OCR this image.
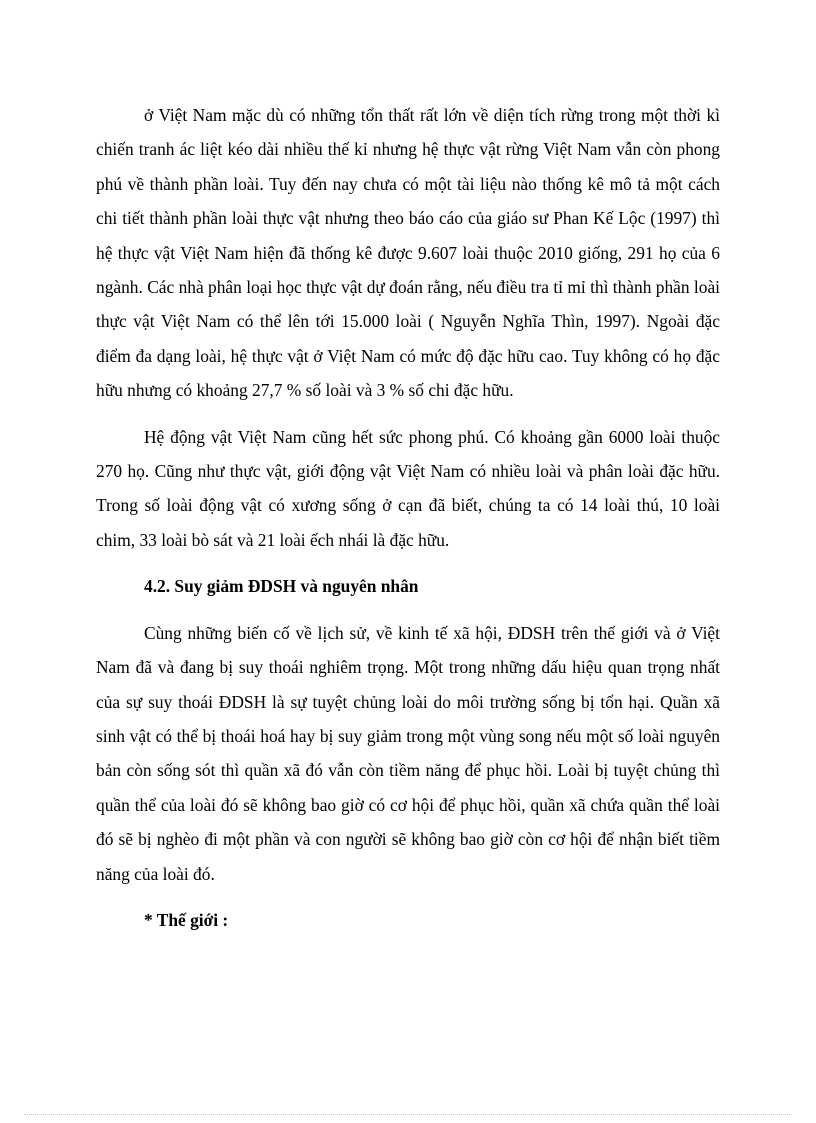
ở Việt Nam mặc dù có những tổn thất rất lớn về diện tích rừng trong một thời kì chiến tranh ác liệt kéo dài nhiều thế kỉ nhưng hệ thực vật rừng Việt Nam vẫn còn phong phú về thành phần loài. Tuy đến nay chưa có một tài liệu nào thống kê mô tả một cách chi tiết thành phần loài thực vật nhưng theo báo cáo của giáo sư Phan Kế Lộc (1997) thì hệ thực vật Việt Nam hiện đã thống kê được 9.607 loài thuộc 2010 giống, 291 họ của 6 ngành. Các nhà phân loại học thực vật dự đoán rằng, nếu điều tra tỉ mỉ thì thành phần loài thực vật Việt Nam có thể lên tới 15.000 loài ( Nguyễn Nghĩa Thìn, 1997). Ngoài đặc điểm đa dạng loài, hệ thực vật ở Việt Nam có mức độ đặc hữu cao. Tuy không có họ đặc hữu nhưng có khoảng 27,7 % số loài và 3 % số chi đặc hữu.

Hệ động vật Việt Nam cũng hết sức phong phú. Có khoảng gần 6000 loài thuộc 270 họ. Cũng như thực vật, giới động vật Việt Nam có nhiều loài và phân loài đặc hữu. Trong số loài động vật có xương sống ở cạn đã biết, chúng ta có 14 loài thú, 10 loài chim, 33 loài bò sát và 21 loài ếch nhái là đặc hữu.

4.2. Suy giảm ĐDSH và nguyên nhân

Cùng những biến cố về lịch sử, về kinh tế xã hội, ĐDSH trên thế giới và ở Việt Nam đã và đang bị suy thoái nghiêm trọng. Một trong những dấu hiệu quan trọng nhất của sự suy thoái ĐDSH là sự tuyệt chủng loài do môi trường sống bị tổn hại. Quần xã sinh vật có thể bị thoái hoá hay bị suy giảm trong một vùng song nếu một số loài nguyên bản còn sống sót thì quần xã đó vẫn còn tiềm năng để phục hồi. Loài bị tuyệt chủng thì quần thể của loài đó sẽ không bao giờ có cơ hội để phục hồi, quần xã chứa quần thể loài đó sẽ bị nghèo đi một phần và con người sẽ không bao giờ còn cơ hội để nhận biết tiềm năng của loài đó.

* Thế giới :
